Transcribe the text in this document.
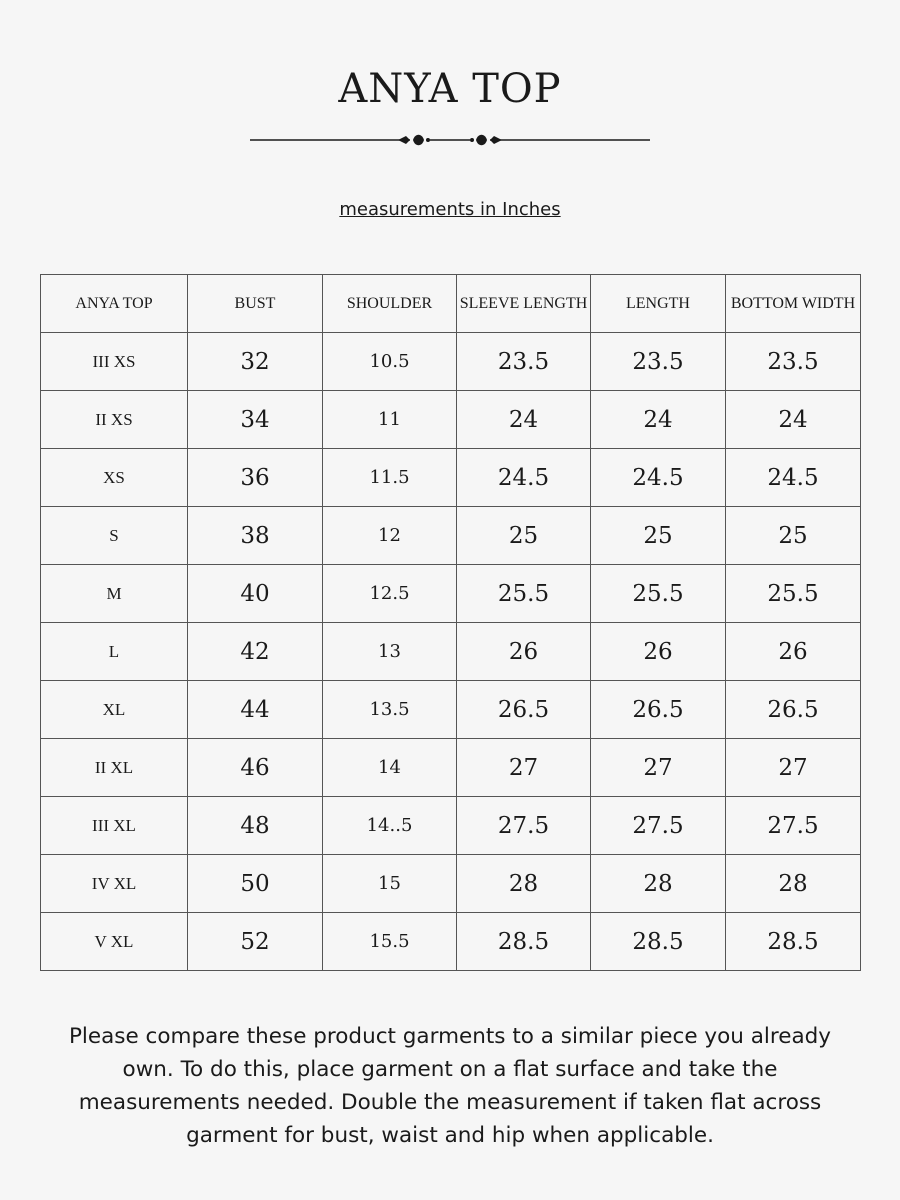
ANYA TOP
measurements in Inches
ANYA TOP	BUST	SHOULDER	SLEEVE LENGTH	LENGTH	BOTTOM WIDTH
III XS	32	10.5	23.5	23.5	23.5
II XS	34	11	24	24	24
XS	36	11.5	24.5	24.5	24.5
S	38	12	25	25	25
M	40	12.5	25.5	25.5	25.5
L	42	13	26	26	26
XL	44	13.5	26.5	26.5	26.5
II XL	46	14	27	27	27
III XL	48	14..5	27.5	27.5	27.5
IV XL	50	15	28	28	28
V XL	52	15.5	28.5	28.5	28.5
Please compare these product garments to a similar piece you already own. To do this, place garment on a flat surface and take the measurements needed. Double the measurement if taken flat across garment for bust, waist and hip when applicable.
